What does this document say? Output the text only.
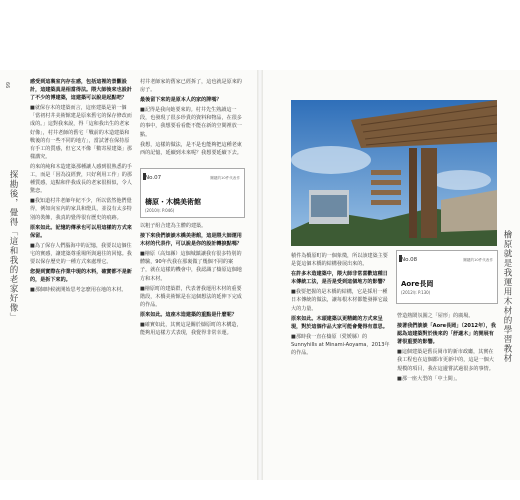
66
探勘後，覺得「這和我的老家好像」	檜原就是我運用木材的學習教材

感受到這裏室內存在感，包括這裡的景觀設計，這建築真是相當得法。隈大師後來也設計了不少的博建築，這建築可以說是起點吧？

■就保存木的建築而言，這座建築是第一個「當初村井美術館建是原來舊宅的保存修改而成的。」這對我來說，得「這和我出生的老家好像」，村井老師的舊宅「戰前的木造建築和戰後的有一些不同的地方」，當試著在保持原有手工的質感，但它又不像「數寄屋建築」那樣講究。

的來的純和木造建築那種讓人感到很熟悉的手工，而是「因為沒經費，只好利用工作」的那種質感，這點和伴我成長的老家很相似，令人驚恋。

■我知道村井老師年紀不少，所以當然他們覺得，例如向室內的家具和燈具，並沒有太多特別的裝飾，我真的覺得很有歷史的痕跡。

原來如此。記憶的傳承也可以用這樣的方式來保留。

■為了保存人們腦海中的記憶，我要以這個住宅的實感，讓建築尊重場所與過往的回憶。我要以保存歷史的一種方式來處理它。

您提到實際在作業中現的木料，確實都不是新的，是拆下來的。

■那個時候就開始思考怎麼用在地的木材。

村井老師家的舊家已經拆了，這也就是原來的房子。

最後留下來的是原本人的家的牌嗎？

■記得是我向她要來的。村井先生熟讀這一段，也發現了很多珍貴的資料和物品，在很多的事中，我想要看看能不能在新的空間裡放一點。

我想，這樣的做法，是不是也能夠把這種老東西的記憶，延續到未來呢？我想要延續下去。

No.07	關鍵的10件代表作
檮原・木橋美術館
(2010年 P.046)

以粗子組合建為主體的建築。

接下來我們談談木橋美術館，這是隈大師運用木材的代表作，可以說是你的設計轉捩點嗎？

■檜原（高知縣）這個城鎮讓我有很多特別的體驗，90年代我在那裏做了幾個不同的案子，就在這樣的機會中，我認識了檮原這個地方和木材。

■檜原町的建築群，代表著我運用木材的重要階段，木橋美術館是在這個想法的延伸下完成的作品。

原來如此。這座木造建築的重點是什麼呢？

■確實如此，其實這是關於檮原町的木構造，能夠用這樣方式表現，我覺得非常幸運。

積件為橋原町的一個象徵，所以該建築主要是從這個木橋的結構發展出來的。

在許多木造建築中，隈大師非常喜歡這種日本傳統工法，是否是受到這個地方的影響？

■我要把握的是木橋的結構，它是採用一種日本傳統的做法，讓每根木材都能發揮它最大的力量。

原來如此。木頭建築以更精緻的方式來呈現，對於這個作品大家可能會覺得有意思。

■那時我一直在檮原（愛媛縣）的Sunnyhills at Minami-Aoyama，2013年的作品。

No.08	關鍵的10件代表作
Aore長岡
(2012年 P.130)

營造熱鬧氛圍之「屋形」的廣場。

接著我們談談「Aore長岡」（2012年），我認為這建築對於後來的「舒適木」的開展有著很重要的影響。

■這個建築是舊長岡市的新市政廳，其實在我工程也在這個都市更新中的，這是一個大規模的項目，我在這邊嘗試過很多的事情。

■那一座大型的「中土間」。
